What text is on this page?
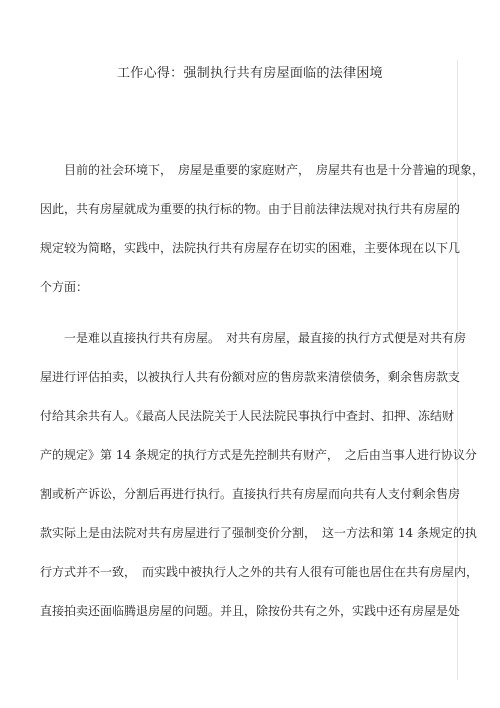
工作心得：强制执行共有房屋面临的法律困境
　　目前的社会环境下，　房屋是重要的家庭财产，　房屋共有也是十分普遍的现象，
因此，共有房屋就成为重要的执行标的物。由于目前法律法规对执行共有房屋的
规定较为简略，实践中，法院执行共有房屋存在切实的困难，主要体现在以下几
个方面：
　　一是难以直接执行共有房屋。　对共有房屋，最直接的执行方式便是对共有房
屋进行评估拍卖，以被执行人共有份额对应的售房款来清偿债务，剩余售房款支
付给其余共有人。《最高人民法院关于人民法院民事执行中查封、扣押、冻结财
产的规定》第 14 条规定的执行方式是先控制共有财产，　之后由当事人进行协议分
割或析产诉讼，分割后再进行执行。直接执行共有房屋而向共有人支付剩余售房
款实际上是由法院对共有房屋进行了强制变价分割，　这一方法和第 14 条规定的执
行方式并不一致，　而实践中被执行人之外的共有人很有可能也居住在共有房屋内，
直接拍卖还面临腾退房屋的问题。并且，除按份共有之外，实践中还有房屋是处
